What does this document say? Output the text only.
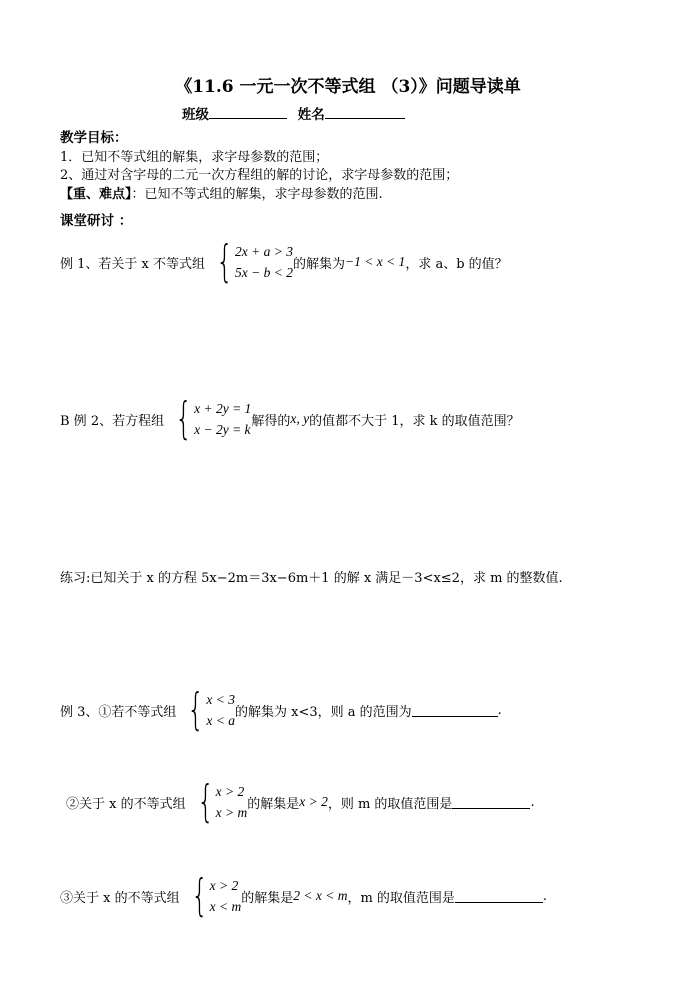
《11.6 一元一次不等式组 （3）》问题导读单
班级	姓名
教学目标：
1．已知不等式组的解集，求字母参数的范围；
2、通过对含字母的二元一次方程组的解的讨论，求字母参数的范围；
【重、难点】：已知不等式组的解集，求字母参数的范围.
课堂研讨 ：
例 1、若关于 x 不等式组 { 2x + a > 3
5x − b < 2
的解集为 −1 < x < 1 ，求 a、b 的值？
B 例 2、若方程组 { x + 2y = 1
x − 2y = k
解得的 x, y 的值都不大于 1，求 k 的取值范围？
练习:已知关于 x 的方程 5x−2m＝3x−6m＋1 的解 x 满足－3<x≤2，求 m 的整数值.
例 3、①若不等式组 { x < 3
x < a
的解集为 x<3，则 a 的范围为	.
②关于 x 的不等式组 { x > 2
x > m
的解集是 x > 2 ，则 m 的取值范围是	.
③关于 x 的不等式组 { x > 2
x < m
的解集是 2 < x < m ，m 的取值范围是	.
